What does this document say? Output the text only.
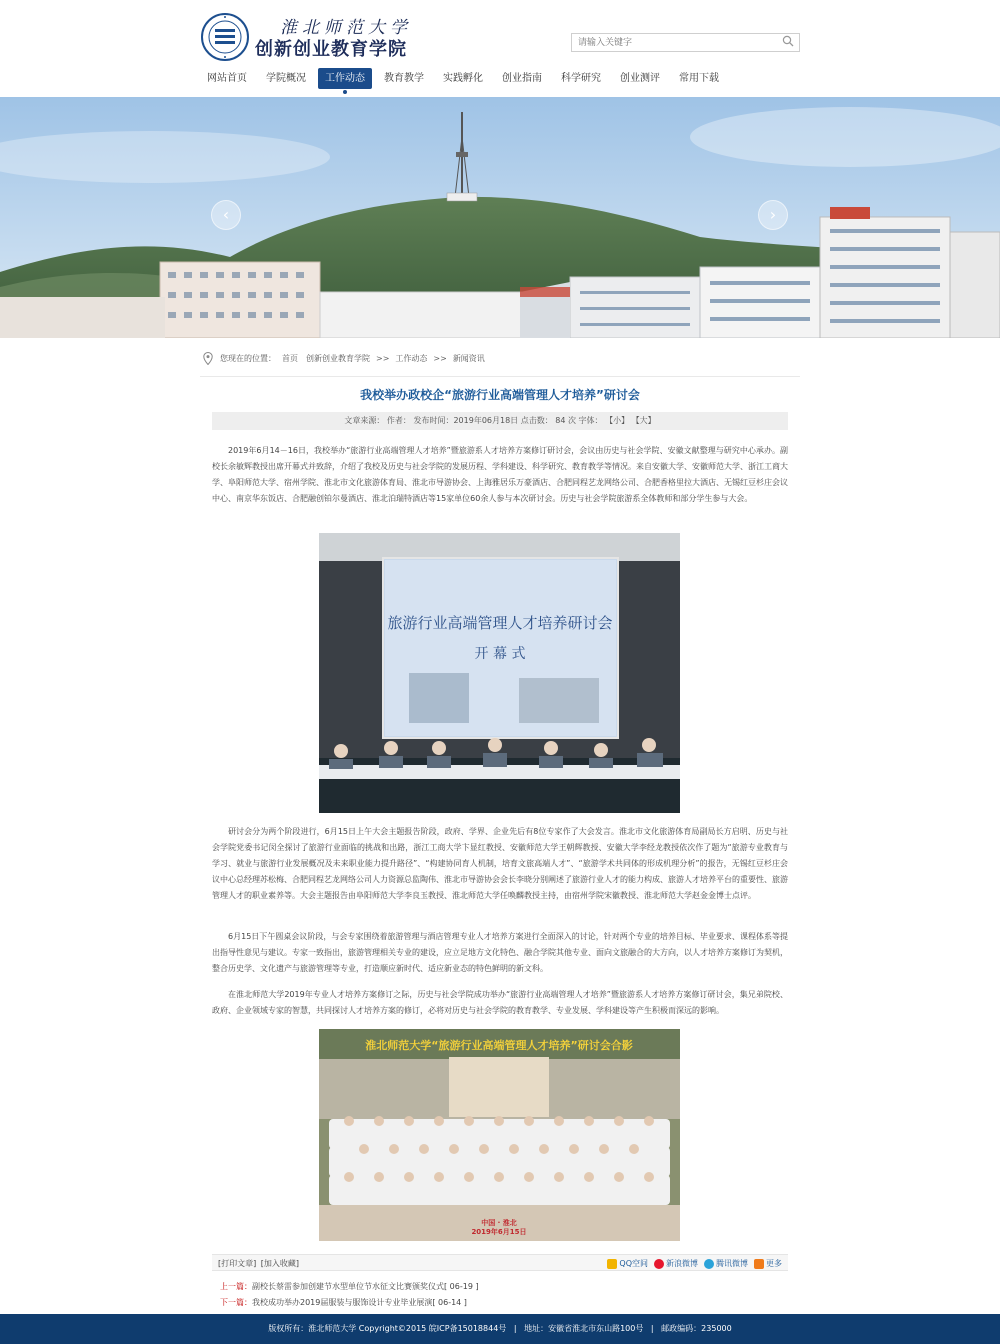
淮北师范大学
创新创业教育学院
请输入关键字
网站首页	学院概况	工作动态	教育教学	实践孵化	创业指南	科学研究	创业测评	常用下载
‹	›
您现在的位置： 首页 创新创业教育学院 >> 工作动态 >> 新闻资讯
我校举办政校企“旅游行业高端管理人才培养”研讨会
文章来源： 作者： 发布时间：2019年06月18日 点击数： 84 次 字体： 【小】 【大】

2019年6月14－16日，我校举办“旅游行业高端管理人才培养”暨旅游系人才培养方案修订研讨会，会议由历史与社会学院、安徽文献整理与研究中心承办。副校长余敏辉教授出席开幕式并致辞，介绍了我校及历史与社会学院的发展历程、学科建设、科学研究、教育教学等情况。来自安徽大学、安徽师范大学、浙江工商大学、阜阳师范大学、宿州学院、淮北市文化旅游体育局、淮北市导游协会、上海雅居乐万豪酒店、合肥同程艺龙网络公司、合肥香格里拉大酒店、无锡红豆杉庄会议中心、南京华东饭店、合肥融创铂尔曼酒店、淮北泊瑞特酒店等15家单位60余人参与本次研讨会。历史与社会学院旅游系全体教师和部分学生参与大会。

旅游行业高端管理人才培养研讨会
开 幕 式

研讨会分为两个阶段进行，6月15日上午大会主题报告阶段，政府、学界、企业先后有8位专家作了大会发言。淮北市文化旅游体育局副局长方启明、历史与社会学院党委书记闵全探讨了旅游行业面临的挑战和出路，浙江工商大学卞显红教授、安徽师范大学王朝辉教授、安徽大学李经龙教授依次作了题为“旅游专业教育与学习、就业与旅游行业发展概况及未来职业能力提升路径”、“构建协同育人机制，培育文旅高端人才”、“旅游学术共同体的形成机理分析”的报告，无锡红豆杉庄会议中心总经理苏松梅、合肥同程艺龙网络公司人力资源总监陶伟、淮北市导游协会会长李晓分别阐述了旅游行业人才的能力构成、旅游人才培养平台的重要性、旅游管理人才的职业素养等。大会主题报告由阜阳师范大学李良玉教授、淮北师范大学任唤麟教授主持，由宿州学院宋徽教授、淮北师范大学赵金金博士点评。

6月15日下午圆桌会议阶段，与会专家围绕着旅游管理与酒店管理专业人才培养方案进行全面深入的讨论，针对两个专业的培养目标、毕业要求、课程体系等提出指导性意见与建议。专家一致指出，旅游管理相关专业的建设，应立足地方文化特色、融合学院其他专业、面向文旅融合的大方向，以人才培养方案修订为契机，整合历史学、文化遗产与旅游管理等专业，打造顺应新时代、适应新业态的特色鲜明的新文科。

在淮北师范大学2019年专业人才培养方案修订之际，历史与社会学院成功举办“旅游行业高端管理人才培养”暨旅游系人才培养方案修订研讨会，集兄弟院校、政府、企业领域专家的智慧，共同探讨人才培养方案的修订，必将对历史与社会学院的教育教学、专业发展、学科建设等产生积极而深远的影响。

淮北师范大学“旅游行业高端管理人才培养”研讨会合影
中国 · 淮北
2019年6月15日
[打印文章] [加入收藏]	QQ空间 新浪微博 腾讯微博 更多
上一篇：副校长蔡雷参加创建节水型单位节水征文比赛颁奖仪式[ 06-19 ]
下一篇：我校成功举办2019届服装与服饰设计专业毕业展演[ 06-14 ]
版权所有：淮北师范大学 Copyright©2015 皖ICP备15018844号 | 地址：安徽省淮北市东山路100号 | 邮政编码：235000
